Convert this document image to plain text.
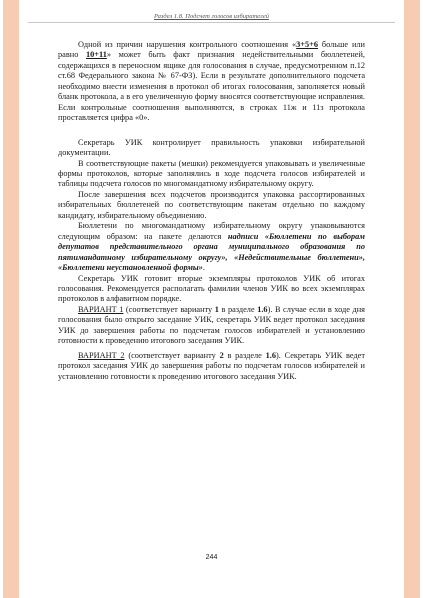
Раздел 1.8. Подсчет голосов избирателей

Одной из причин нарушения контрольного соотношения «3+5+6 больше или равно 10+11» может быть факт признания недействительными бюллетеней, содержащихся в переносном ящике для голосования в случае, предусмотренном п.12 ст.68 Федерального закона № 67-ФЗ). Если в результате дополнительного подсчета необходимо внести изменения в протокол об итогах голосования, заполняется новый бланк протокола, а в его увеличенную форму вносятся соответствующие исправления. Если контрольные соотношения выполняются, в строках 11ж и 11з протокола проставляется цифра «0».

Секретарь УИК контролирует правильность упаковки избирательной документации.

В соответствующие пакеты (мешки) рекомендуется упаковывать и увеличенные формы протоколов, которые заполнялись в ходе подсчета голосов избирателей и таблицы подсчета голосов по многомандатному избирательному округу.

После завершения всех подсчетов производится упаковка рассортированных избирательных бюллетеней по соответствующим пакетам отдельно по каждому кандидату, избирательному объединению.

Бюллетени по многомандатному избирательному округу упаковываются следующим образом: на пакете делаются надписи «Бюллетени по выборам депутатов представительного органа муниципального образования по пятимандатному избирательному округу», «Недействительные бюллетени», «Бюллетени неустановленной формы».

Секретарь УИК готовит вторые экземпляры протоколов УИК об итогах голосования. Рекомендуется располагать фамилии членов УИК во всех экземплярах протоколов в алфавитном порядке.

ВАРИАНТ 1 (соответствует варианту 1 в разделе 1.6). В случае если в ходе дня голосования было открыто заседание УИК, секретарь УИК ведет протокол заседания УИК до завершения работы по подсчетам голосов избирателей и установлению готовности к проведению итогового заседания УИК.

ВАРИАНТ 2 (соответствует варианту 2 в разделе 1.6). Секретарь УИК ведет протокол заседания УИК до завершения работы по подсчетам голосов избирателей и установлению готовности к проведению итогового заседания УИК.

244
